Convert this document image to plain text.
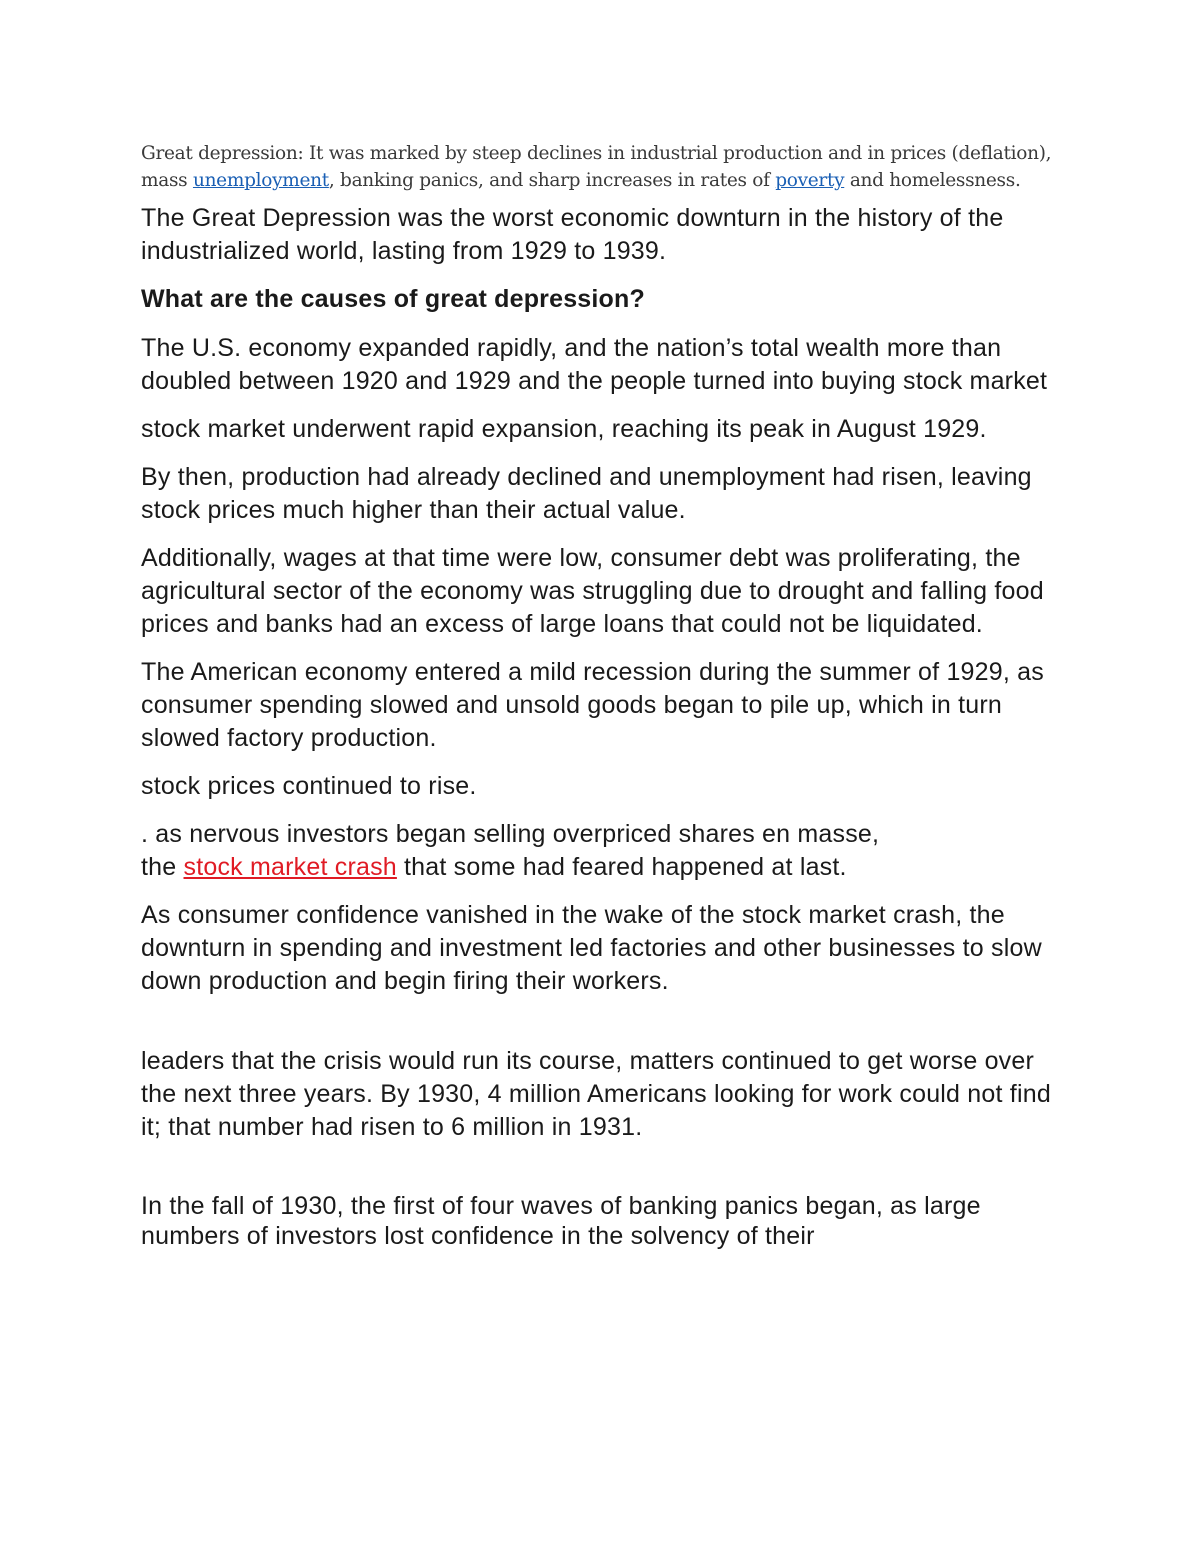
Great depression: It was marked by steep declines in industrial production and in prices (deflation), mass unemployment, banking panics, and sharp increases in rates of poverty and homelessness.

The Great Depression was the worst economic downturn in the history of the industrialized world, lasting from 1929 to 1939.

What are the causes of great depression?

The U.S. economy expanded rapidly, and the nation’s total wealth more than doubled between 1920 and 1929 and the people turned into buying stock market

stock market underwent rapid expansion, reaching its peak in August 1929.

By then, production had already declined and unemployment had risen, leaving stock prices much higher than their actual value.

Additionally, wages at that time were low, consumer debt was proliferating, the agricultural sector of the economy was struggling due to drought and falling food prices and banks had an excess of large loans that could not be liquidated.

The American economy entered a mild recession during the summer of 1929, as consumer spending slowed and unsold goods began to pile up, which in turn slowed factory production.

stock prices continued to rise.

. as nervous investors began selling overpriced shares en masse,
the stock market crash that some had feared happened at last.

As consumer confidence vanished in the wake of the stock market crash, the downturn in spending and investment led factories and other businesses to slow down production and begin firing their workers.

leaders that the crisis would run its course, matters continued to get worse over the next three years. By 1930, 4 million Americans looking for work could not find it; that number had risen to 6 million in 1931.

In the fall of 1930, the first of four waves of banking panics began, as large numbers of investors lost confidence in the solvency of their
